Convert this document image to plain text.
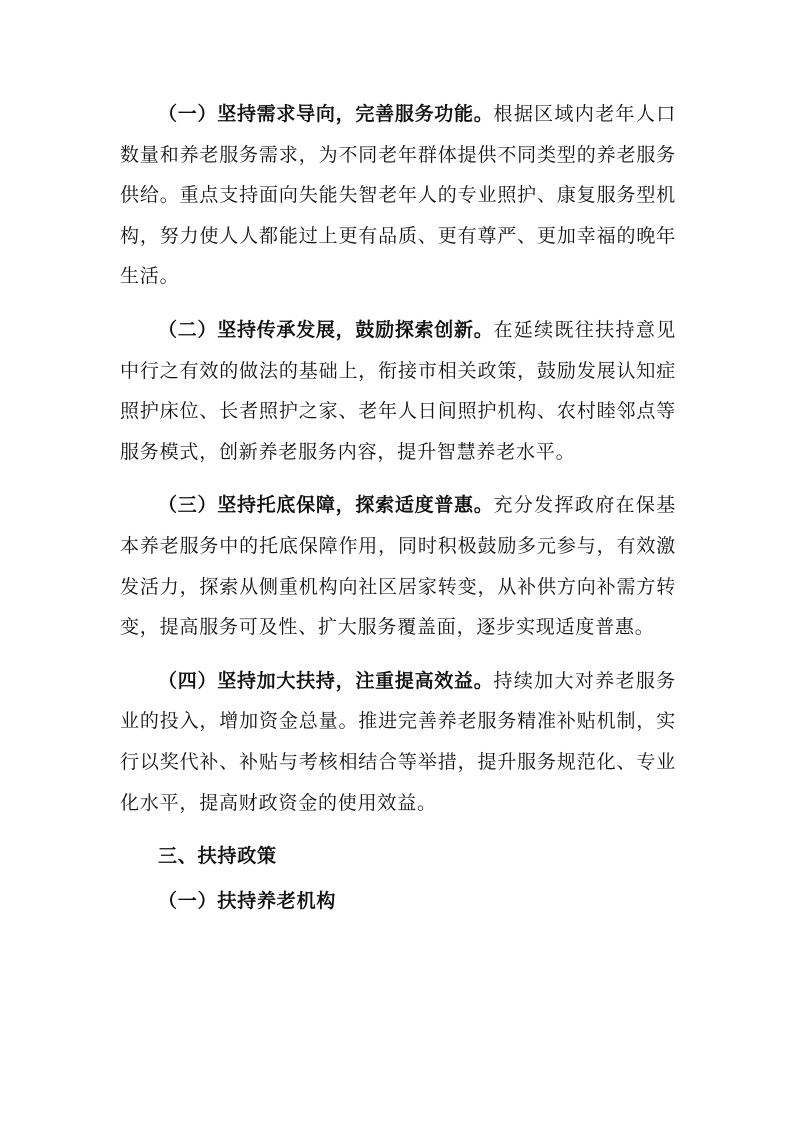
（一）坚持需求导向，完善服务功能。根据区域内老年人口数量和养老服务需求，为不同老年群体提供不同类型的养老服务供给。重点支持面向失能失智老年人的专业照护、康复服务型机构，努力使人人都能过上更有品质、更有尊严、更加幸福的晚年生活。

（二）坚持传承发展，鼓励探索创新。在延续既往扶持意见中行之有效的做法的基础上，衔接市相关政策，鼓励发展认知症照护床位、长者照护之家、老年人日间照护机构、农村睦邻点等服务模式，创新养老服务内容，提升智慧养老水平。

（三）坚持托底保障，探索适度普惠。充分发挥政府在保基本养老服务中的托底保障作用，同时积极鼓励多元参与，有效激发活力，探索从侧重机构向社区居家转变，从补供方向补需方转变，提高服务可及性、扩大服务覆盖面，逐步实现适度普惠。

（四）坚持加大扶持，注重提高效益。持续加大对养老服务业的投入，增加资金总量。推进完善养老服务精准补贴机制，实行以奖代补、补贴与考核相结合等举措，提升服务规范化、专业化水平，提高财政资金的使用效益。

三、扶持政策

（一）扶持养老机构
